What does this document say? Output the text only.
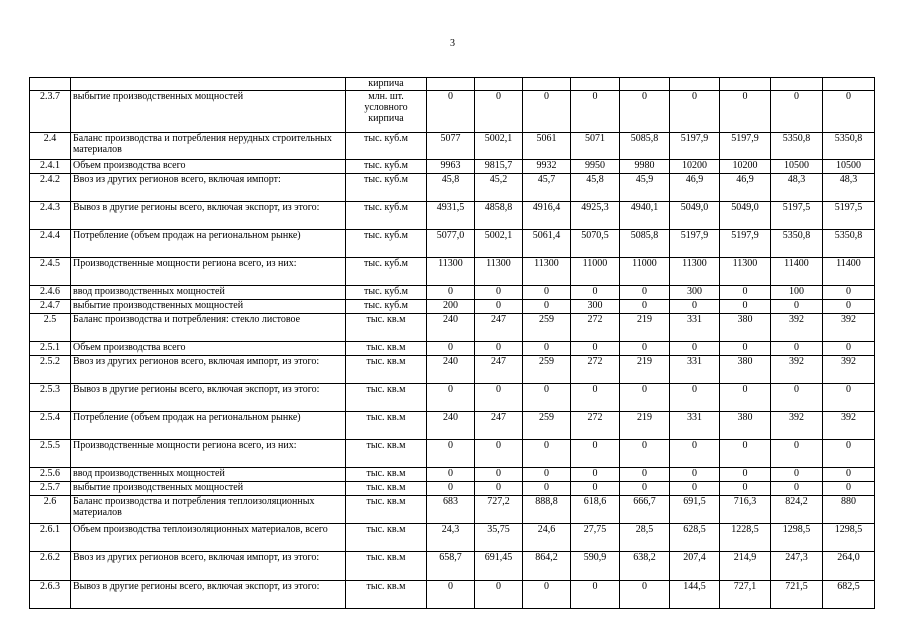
3
		кирпича									
2.3.7	выбытие производственных мощностей	млн. шт. условного кирпича	0	0	0	0	0	0	0	0	0
2.4	Баланс производства и потребления нерудных строительных материалов	тыс. куб.м	5077	5002,1	5061	5071	5085,8	5197,9	5197,9	5350,8	5350,8
2.4.1	Объем производства всего	тыс. куб.м	9963	9815,7	9932	9950	9980	10200	10200	10500	10500
2.4.2	Ввоз из других регионов всего, включая импорт:	тыс. куб.м	45,8	45,2	45,7	45,8	45,9	46,9	46,9	48,3	48,3
2.4.3	Вывоз в другие регионы всего, включая экспорт, из этого:	тыс. куб.м	4931,5	4858,8	4916,4	4925,3	4940,1	5049,0	5049,0	5197,5	5197,5
2.4.4	Потребление (объем продаж на региональном рынке)	тыс. куб.м	5077,0	5002,1	5061,4	5070,5	5085,8	5197,9	5197,9	5350,8	5350,8
2.4.5	Производственные мощности региона всего, из них:	тыс. куб.м	11300	11300	11300	11000	11000	11300	11300	11400	11400
2.4.6	ввод производственных мощностей	тыс. куб.м	0	0	0	0	0	300	0	100	0
2.4.7	выбытие производственных мощностей	тыс. куб.м	200	0	0	300	0	0	0	0	0
2.5	Баланс производства и потребления: стекло листовое	тыс. кв.м	240	247	259	272	219	331	380	392	392
2.5.1	Объем производства всего	тыс. кв.м	0	0	0	0	0	0	0	0	0
2.5.2	Ввоз из других регионов всего, включая импорт, из этого:	тыс. кв.м	240	247	259	272	219	331	380	392	392
2.5.3	Вывоз в другие регионы всего, включая экспорт, из этого:	тыс. кв.м	0	0	0	0	0	0	0	0	0
2.5.4	Потребление (объем продаж на региональном рынке)	тыс. кв.м	240	247	259	272	219	331	380	392	392
2.5.5	Производственные мощности региона всего, из них:	тыс. кв.м	0	0	0	0	0	0	0	0	0
2.5.6	ввод производственных мощностей	тыс. кв.м	0	0	0	0	0	0	0	0	0
2.5.7	выбытие производственных мощностей	тыс. кв.м	0	0	0	0	0	0	0	0	0
2.6	Баланс производства и потребления теплоизоляционных материалов	тыс. кв.м	683	727,2	888,8	618,6	666,7	691,5	716,3	824,2	880
2.6.1	Объем производства теплоизоляционных материалов, всего	тыс. кв.м	24,3	35,75	24,6	27,75	28,5	628,5	1228,5	1298,5	1298,5
2.6.2	Ввоз из других регионов всего, включая импорт, из этого:	тыс. кв.м	658,7	691,45	864,2	590,9	638,2	207,4	214,9	247,3	264,0
2.6.3	Вывоз в другие регионы всего, включая экспорт, из этого:	тыс. кв.м	0	0	0	0	0	144,5	727,1	721,5	682,5
